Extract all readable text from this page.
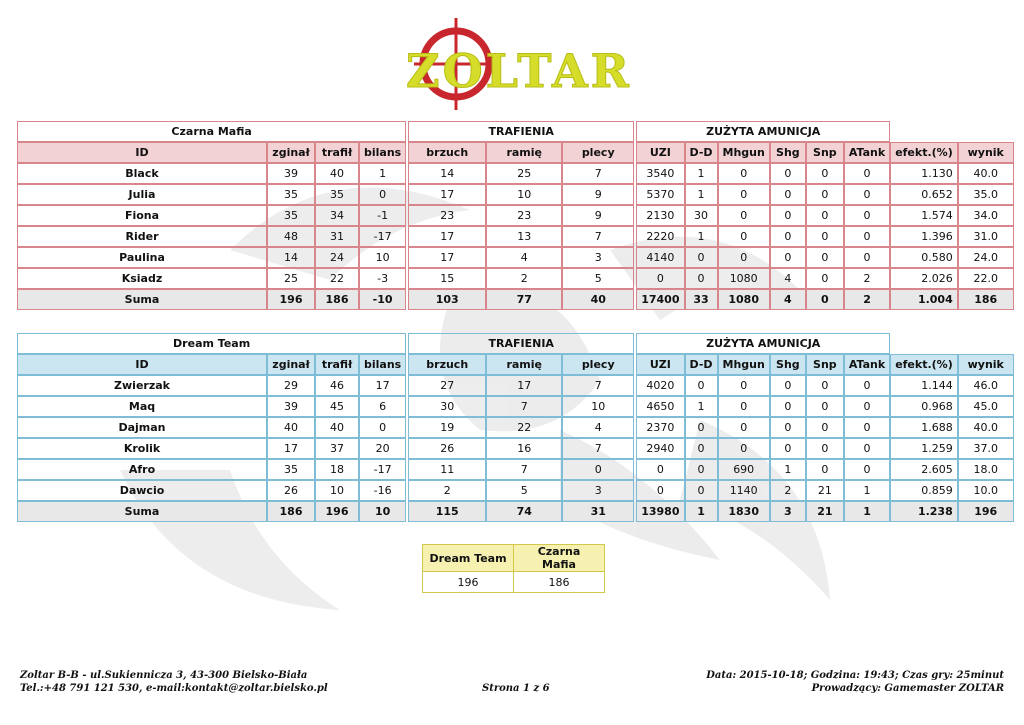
ZOLTAR
Czarna Mafia					TRAFIENIA				ZUŻYTA AMUNICJA							
ID	zginał	trafił	bilans		brzuch	ramię	plecy		UZI	D-D	Mhgun	Shg	Snp	ATank	efekt.(%)	wynik
Black	39	40	1		14	25	7		3540	1	0	0	0	0	1.130	40.0
Julia	35	35	0		17	10	9		5370	1	0	0	0	0	0.652	35.0
Fiona	35	34	-1		23	23	9		2130	30	0	0	0	0	1.574	34.0
Rider	48	31	-17		17	13	7		2220	1	0	0	0	0	1.396	31.0
Paulina	14	24	10		17	4	3		4140	0	0	0	0	0	0.580	24.0
Ksiadz	25	22	-3		15	2	5		0	0	1080	4	0	2	2.026	22.0
Suma	196	186	-10		103	77	40		17400	33	1080	4	0	2	1.004	186
Dream Team					TRAFIENIA				ZUŻYTA AMUNICJA							
ID	zginał	trafił	bilans		brzuch	ramię	plecy		UZI	D-D	Mhgun	Shg	Snp	ATank	efekt.(%)	wynik
Zwierzak	29	46	17		27	17	7		4020	0	0	0	0	0	1.144	46.0
Maq	39	45	6		30	7	10		4650	1	0	0	0	0	0.968	45.0
Dajman	40	40	0		19	22	4		2370	0	0	0	0	0	1.688	40.0
Krolik	17	37	20		26	16	7		2940	0	0	0	0	0	1.259	37.0
Afro	35	18	-17		11	7	0		0	0	690	1	0	0	2.605	18.0
Dawcio	26	10	-16		2	5	3		0	0	1140	2	21	1	0.859	10.0
Suma	186	196	10		115	74	31		13980	1	1830	3	21	1	1.238	196
Dream Team	Czarna Mafia
196	186
Zoltar B-B - ul.Sukiennicza 3, 43-300 Bielsko-Biała
Tel.:+48 791 121 530, e-mail:kontakt@zoltar.bielsko.pl	Strona 1 z 6
Data: 2015-10-18; Godzina: 19:43; Czas gry: 25minut
Prowadzący: Gamemaster ZOLTAR
